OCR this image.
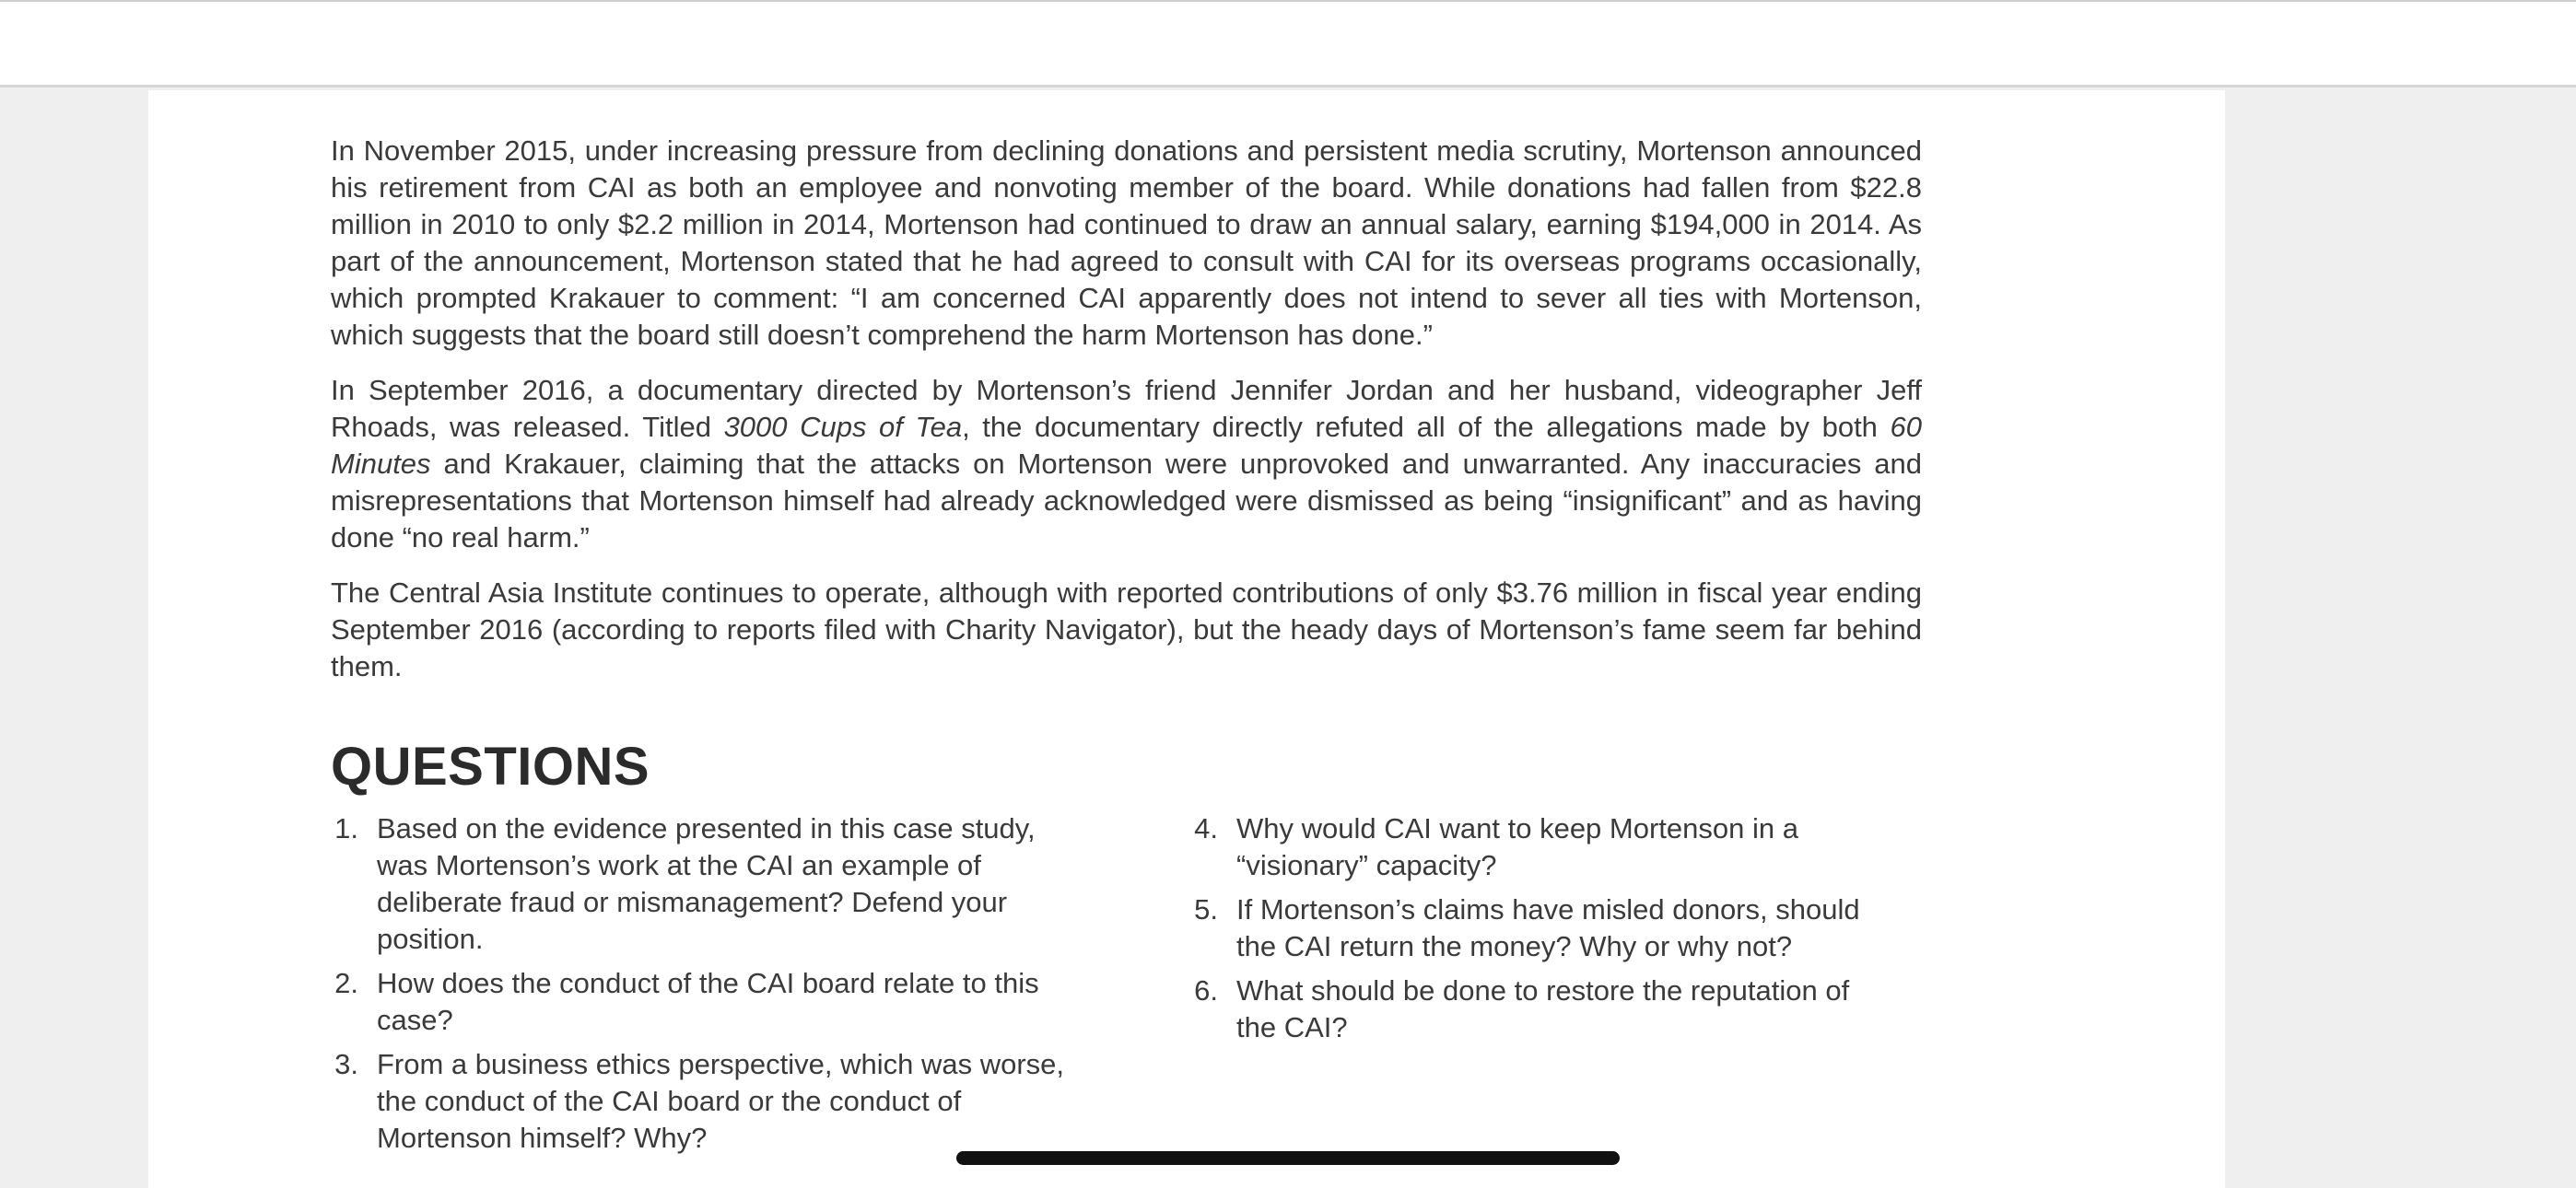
In November 2015, under increasing pressure from declining donations and persistent media scrutiny, Mortenson announced his retirement from CAI as both an employee and nonvoting member of the board. While donations had fallen from $22.8 million in 2010 to only $2.2 million in 2014, Mortenson had continued to draw an annual salary, earning $194,000 in 2014. As part of the announcement, Mortenson stated that he had agreed to consult with CAI for its overseas programs occasionally, which prompted Krakauer to comment: “I am concerned CAI apparently does not intend to sever all ties with Mortenson, which suggests that the board still doesn’t comprehend the harm Mortenson has done.”

In September 2016, a documentary directed by Mortenson’s friend Jennifer Jordan and her husband, videographer Jeff Rhoads, was released. Titled 3000 Cups of Tea, the documentary directly refuted all of the allegations made by both 60 Minutes and Krakauer, claiming that the attacks on Mortenson were unprovoked and unwarranted. Any inaccuracies and misrepresentations that Mortenson himself had already acknowledged were dismissed as being “insignificant” and as having done “no real harm.”

The Central Asia Institute continues to operate, although with reported contributions of only $3.76 million in fiscal year ending September 2016 (according to reports filed with Charity Navigator), but the heady days of Mortenson’s fame seem far behind them.

QUESTIONS
1. Based on the evidence presented in this case study, was Mortenson’s work at the CAI an example of deliberate fraud or mismanagement? Defend your position.
2. How does the conduct of the CAI board relate to this case?
3. From a business ethics perspective, which was worse, the conduct of the CAI board or the conduct of Mortenson himself? Why?
4. Why would CAI want to keep Mortenson in a “visionary” capacity?
5. If Mortenson’s claims have misled donors, should the CAI return the money? Why or why not?
6. What should be done to restore the reputation of the CAI?
